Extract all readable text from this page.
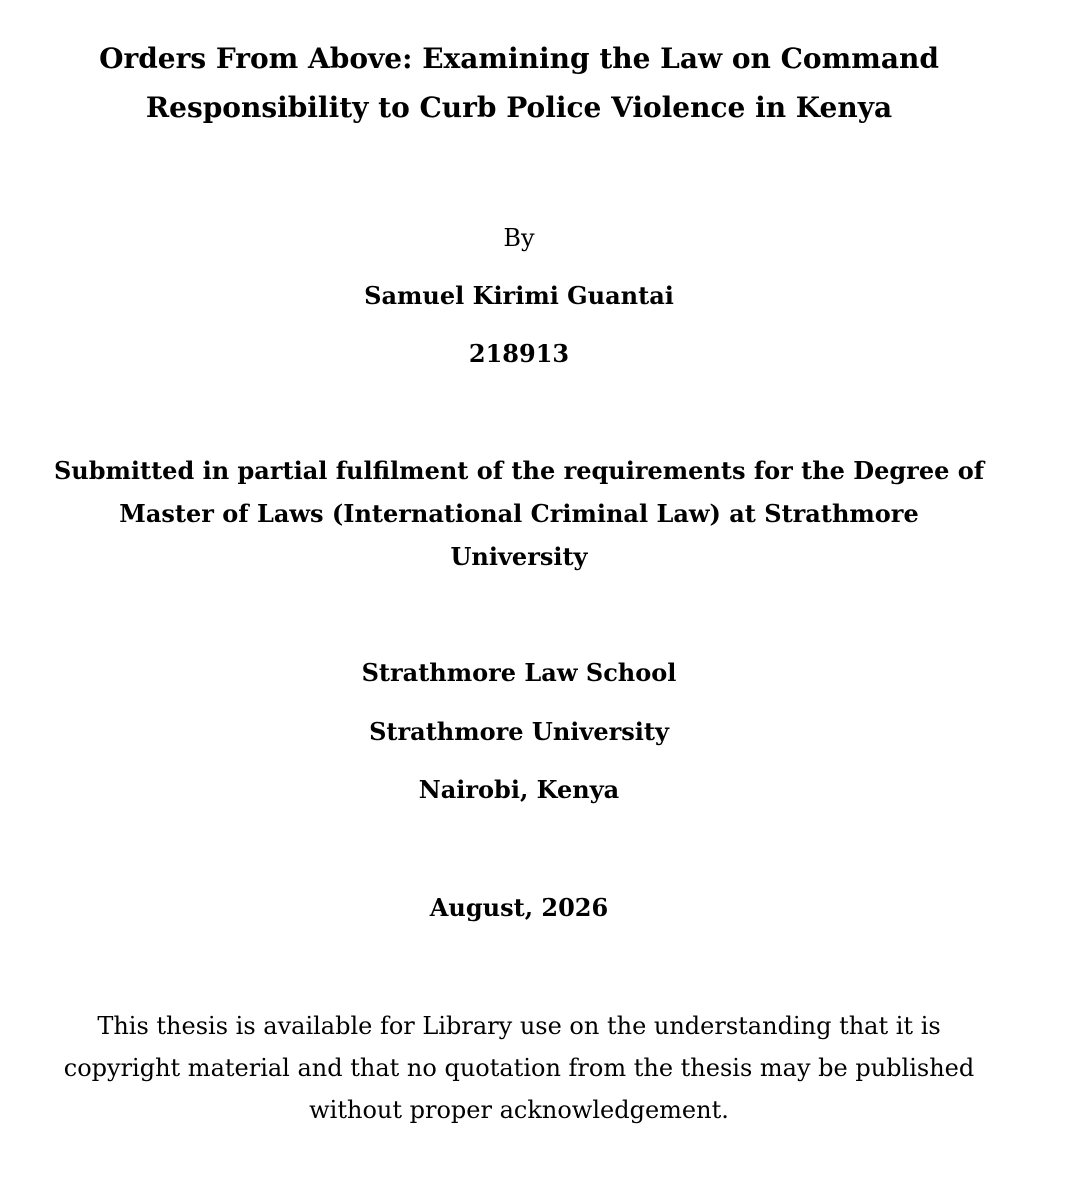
Orders From Above: Examining the Law on Command
Responsibility to Curb Police Violence in Kenya
By
Samuel Kirimi Guantai
218913
Submitted in partial fulfilment of the requirements for the Degree of
Master of Laws (International Criminal Law) at Strathmore
University
Strathmore Law School
Strathmore University
Nairobi, Kenya
August, 2026
This thesis is available for Library use on the understanding that it is
copyright material and that no quotation from the thesis may be published
without proper acknowledgement.
